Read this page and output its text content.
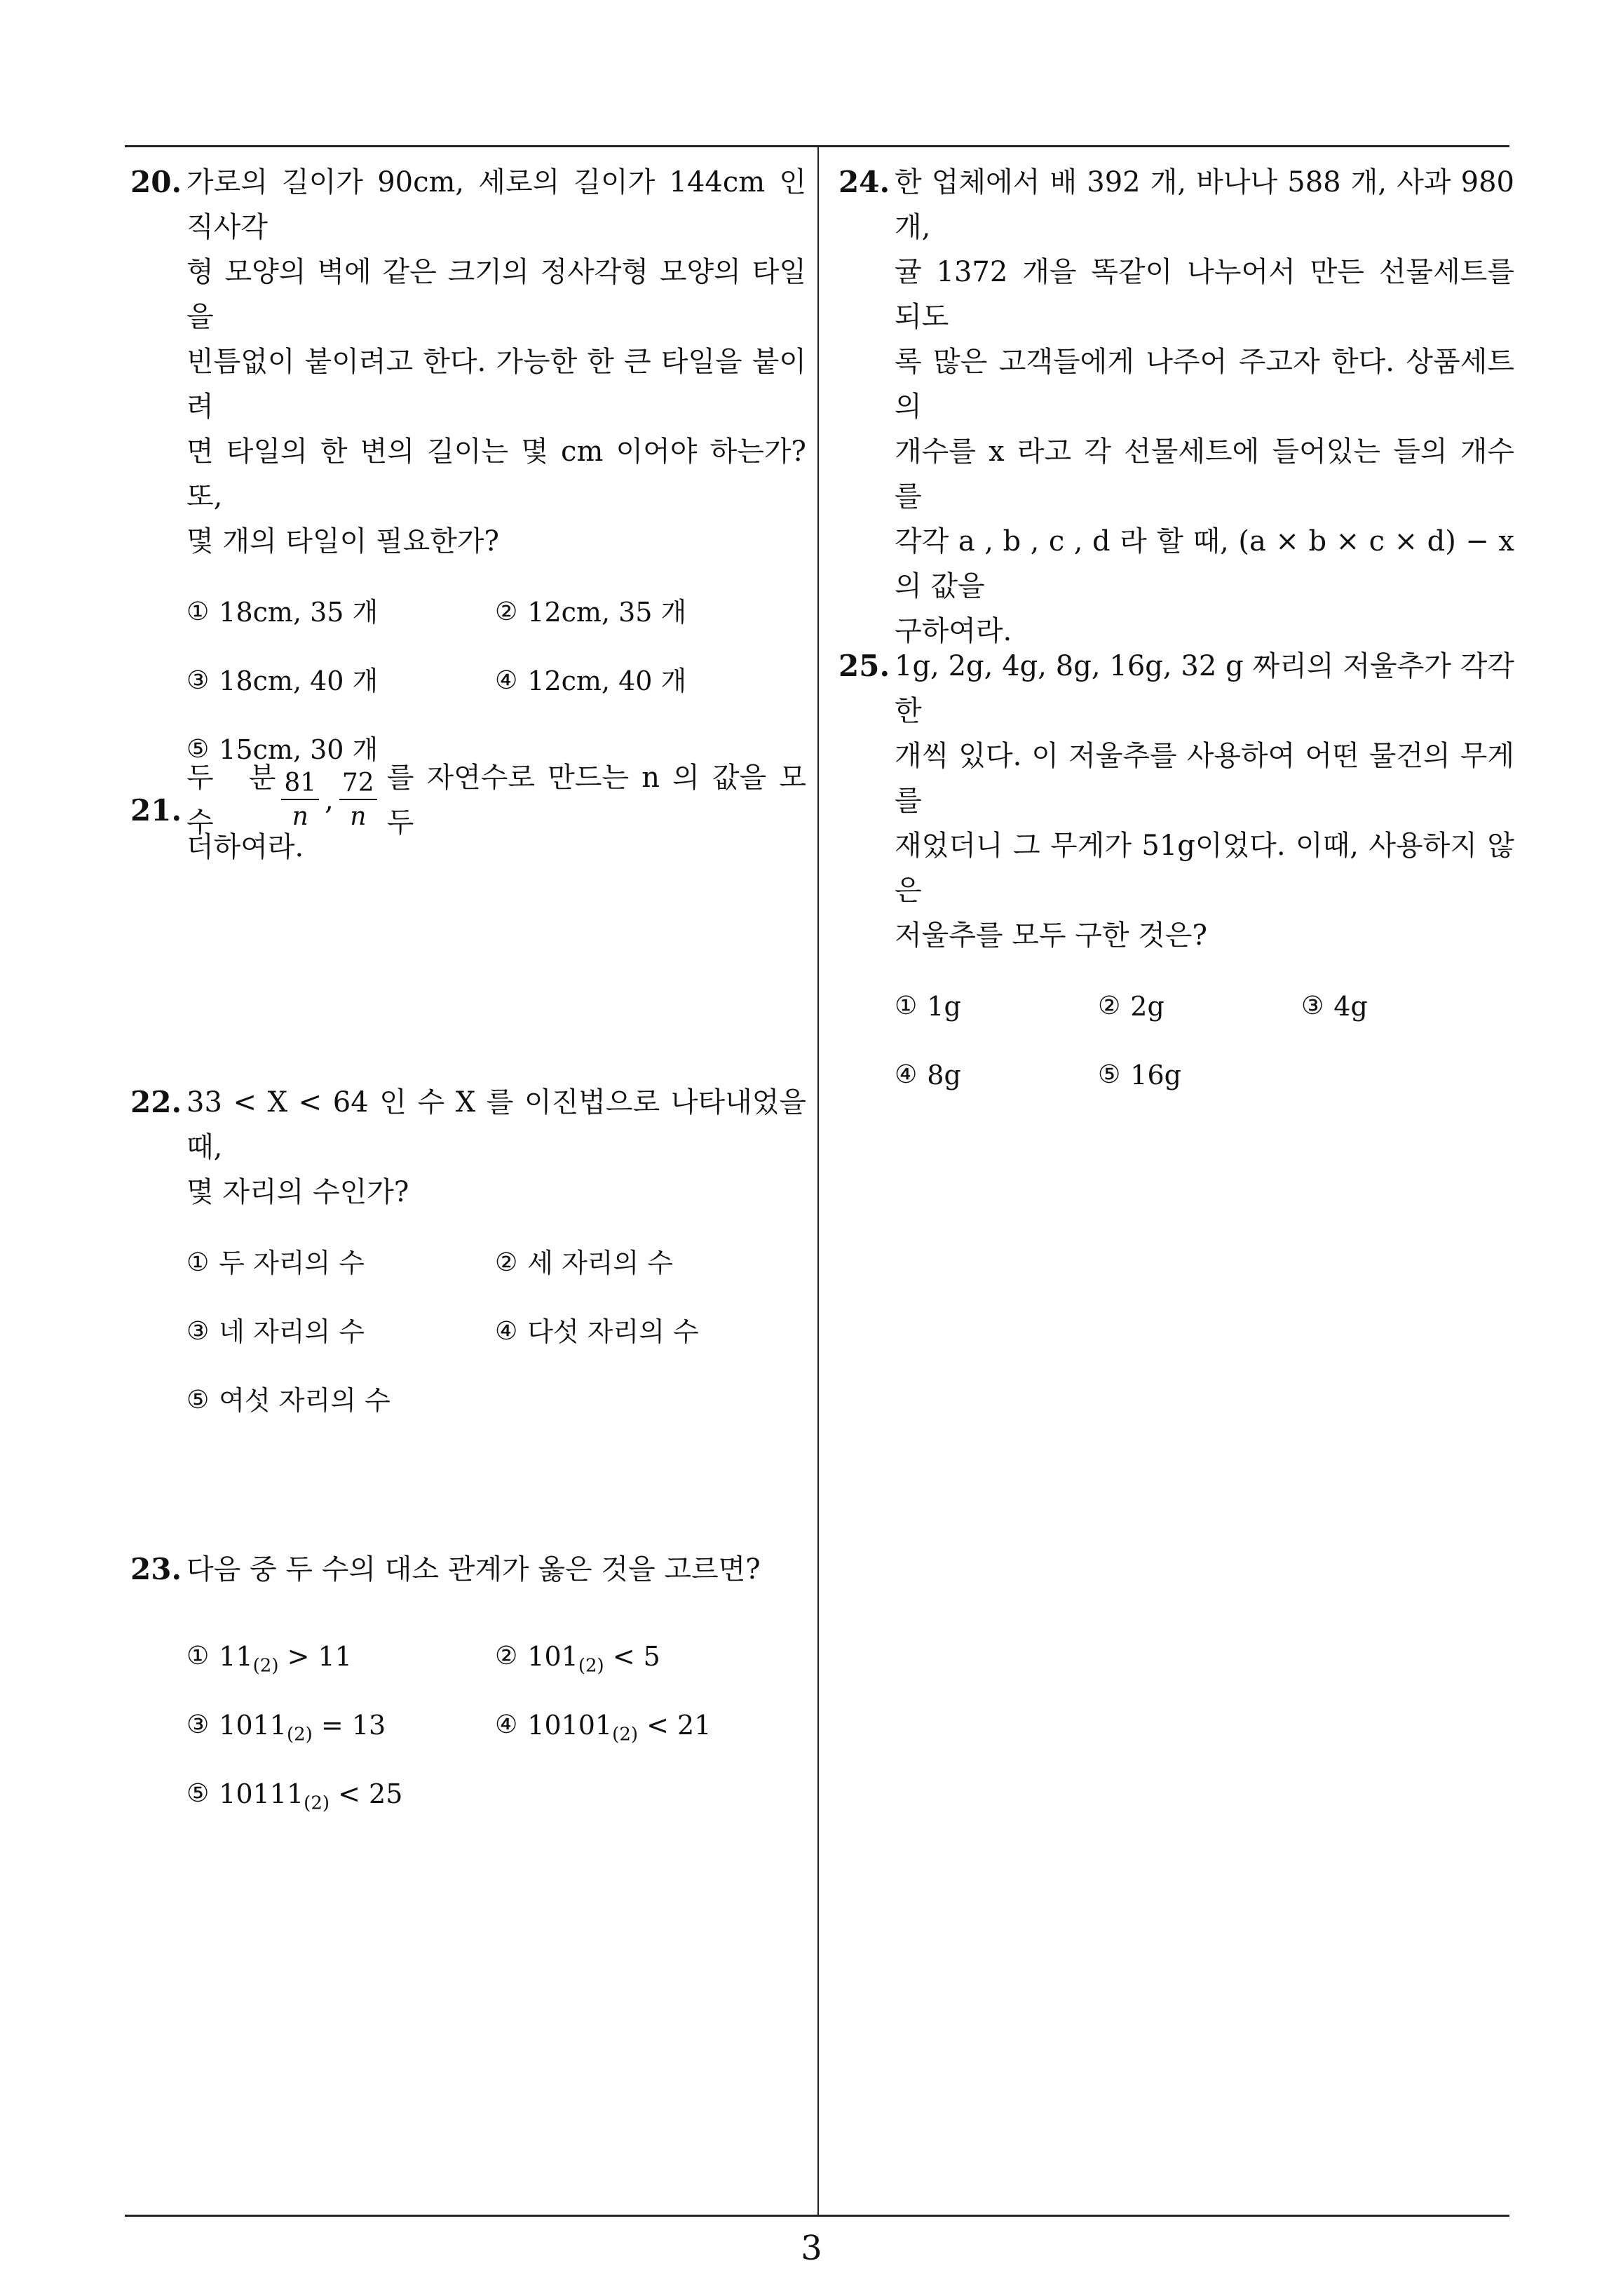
3
20. 가로의 길이가 90cm, 세로의 길이가 144cm 인 직사각
형 모양의 벽에 같은 크기의 정사각형 모양의 타일을
빈틈없이 붙이려고 한다. 가능한 한 큰 타일을 붙이려
면 타일의 한 변의 길이는 몇 cm 이어야 하는가? 또,
몇 개의 타일이 필요한가?
① 18cm, 35 개	② 12cm, 35 개
③ 18cm, 40 개	④ 12cm, 40 개
⑤ 15cm, 30 개
21.
두 분수	$\frac{81}{n}$ , $\frac{72}{n}$ 를 자연수로 만드는 n 의 값을 모두
더하여라.
22. 33 < X < 64 인 수 X 를 이진법으로 나타내었을 때,
몇 자리의 수인가?
① 두 자리의 수	② 세 자리의 수
③ 네 자리의 수	④ 다섯 자리의 수
⑤ 여섯 자리의 수
23. 다음 중 두 수의 대소 관계가 옳은 것을 고르면?
① $11_{(2)} > 11$	② $101_{(2)} < 5$
③ $1011_{(2)} = 13$	④ $10101_{(2)} < 21$
⑤ $10111_{(2)} < 25$
24. 한 업체에서 배 392 개, 바나나 588 개, 사과 980 개,
귤 1372 개을 똑같이 나누어서 만든 선물세트를 되도
록 많은 고객들에게 나주어 주고자 한다. 상품세트의
개수를 x 라고 각 선물세트에 들어있는 들의 개수를
각각 a , b , c , d 라 할 때, (a × b × c × d) − x 의 값을
구하여라.
25. 1g, 2g, 4g, 8g, 16g, 32 g 짜리의 저울추가 각각 한
개씩 있다. 이 저울추를 사용하여 어떤 물건의 무게를
재었더니 그 무게가 51g이었다. 이때, 사용하지 않은
저울추를 모두 구한 것은?
① 1g	② 2g	③ 4g
④ 8g	⑤ 16g
